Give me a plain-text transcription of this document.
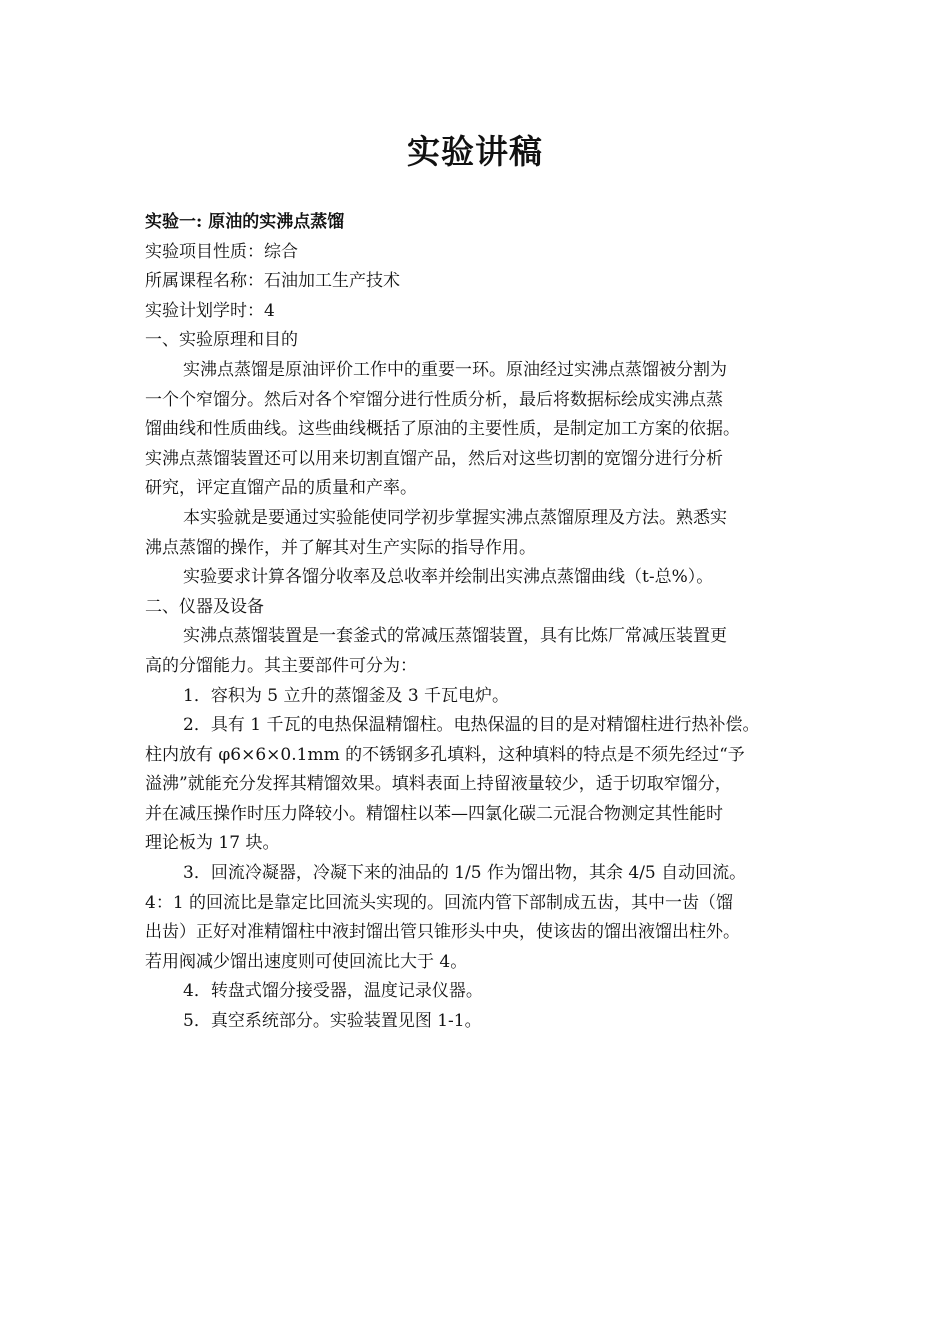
实验讲稿
实验一: 原油的实沸点蒸馏
实验项目性质：综合
所属课程名称：石油加工生产技术
实验计划学时：4
一、实验原理和目的
实沸点蒸馏是原油评价工作中的重要一环。原油经过实沸点蒸馏被分割为
一个个窄馏分。然后对各个窄馏分进行性质分析，最后将数据标绘成实沸点蒸
馏曲线和性质曲线。这些曲线概括了原油的主要性质，是制定加工方案的依据。
实沸点蒸馏装置还可以用来切割直馏产品，然后对这些切割的宽馏分进行分析
研究，评定直馏产品的质量和产率。
本实验就是要通过实验能使同学初步掌握实沸点蒸馏原理及方法。熟悉实
沸点蒸馏的操作，并了解其对生产实际的指导作用。
实验要求计算各馏分收率及总收率并绘制出实沸点蒸馏曲线（t-总%）。
二、仪器及设备
实沸点蒸馏装置是一套釜式的常减压蒸馏装置，具有比炼厂常减压装置更
高的分馏能力。其主要部件可分为：
1．容积为 5 立升的蒸馏釜及 3 千瓦电炉。
2．具有 1 千瓦的电热保温精馏柱。电热保温的目的是对精馏柱进行热补偿。
柱内放有 φ6×6×0.1mm 的不锈钢多孔填料，这种填料的特点是不须先经过“予
溢沸”就能充分发挥其精馏效果。填料表面上持留液量较少，适于切取窄馏分，
并在减压操作时压力降较小。精馏柱以苯—四氯化碳二元混合物测定其性能时
理论板为 17 块。
3．回流冷凝器，冷凝下来的油品的 1/5 作为馏出物，其余 4/5 自动回流。
4：1 的回流比是靠定比回流头实现的。回流内管下部制成五齿，其中一齿（馏
出齿）正好对准精馏柱中液封馏出管只锥形头中央，使该齿的馏出液馏出柱外。
若用阀减少馏出速度则可使回流比大于 4。
4．转盘式馏分接受器，温度记录仪器。
5．真空系统部分。实验装置见图 1-1。
